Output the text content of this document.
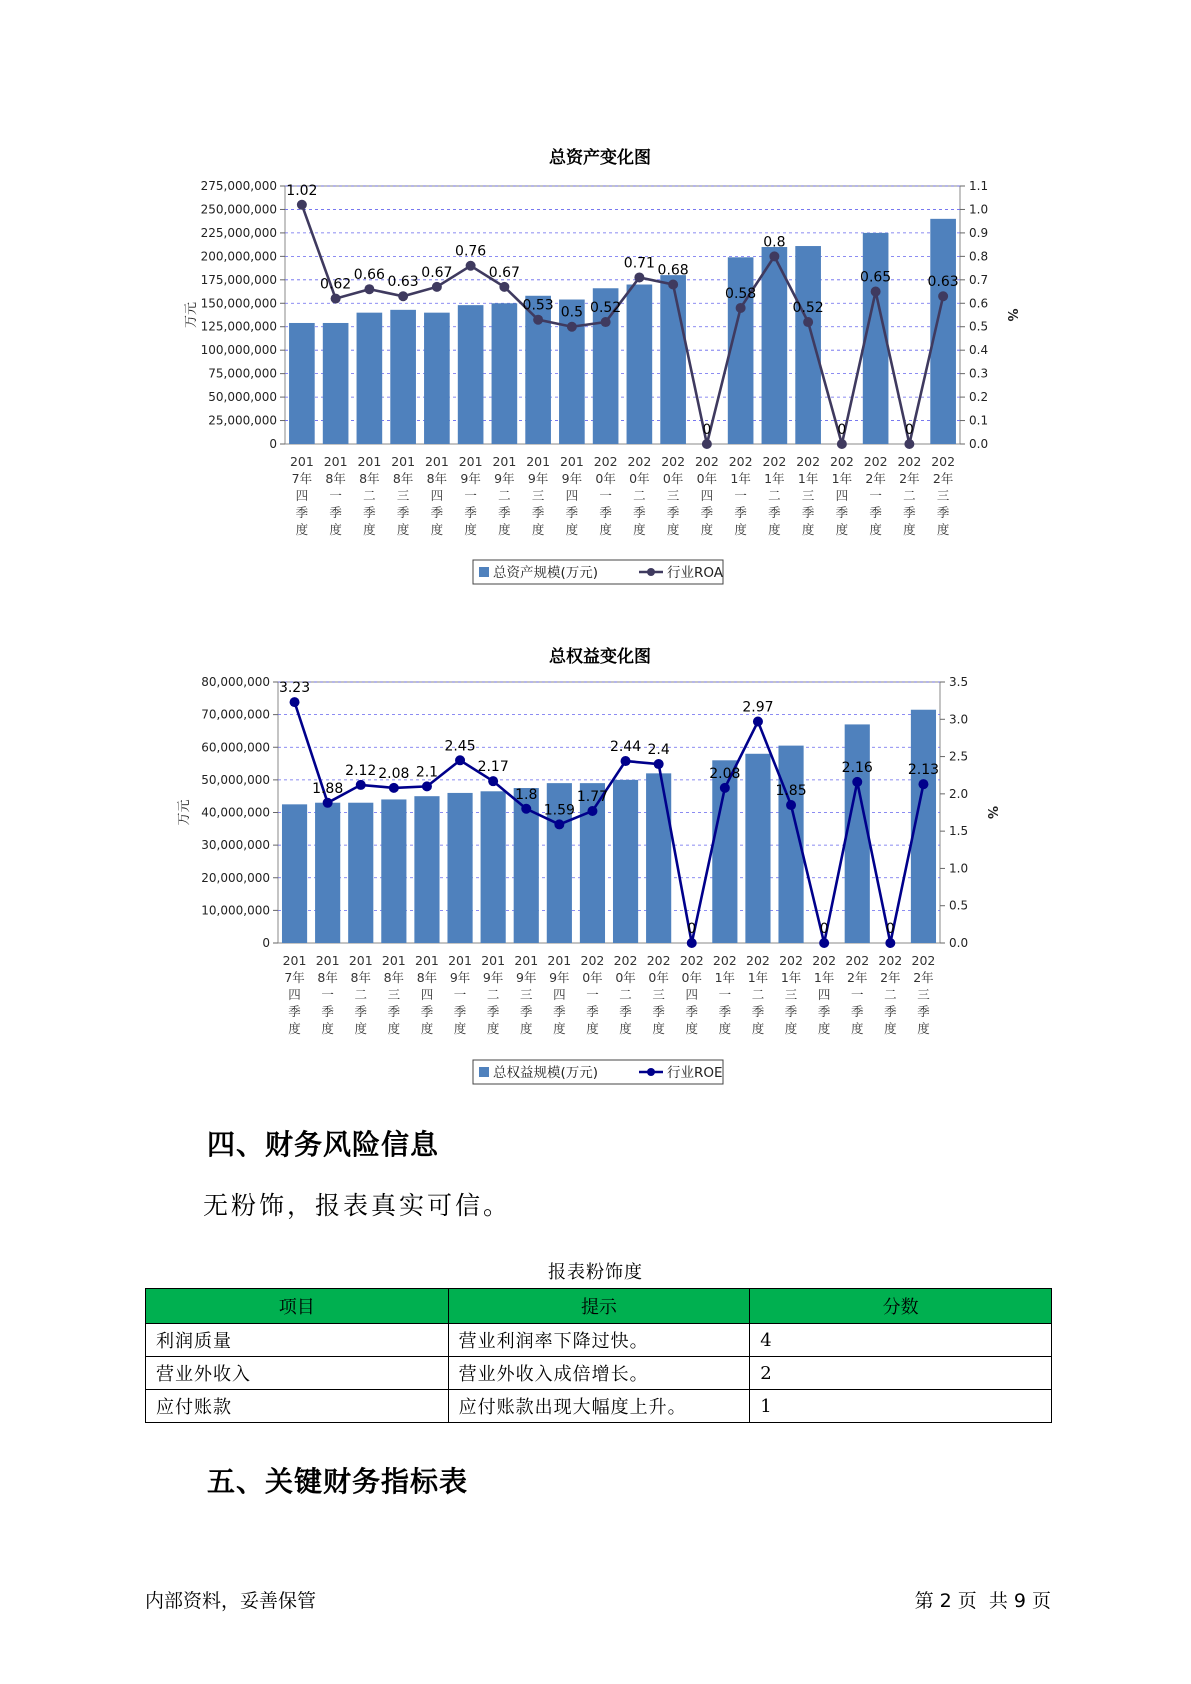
总资产变化图
0
25,000,000
50,000,000
75,000,000
100,000,000
125,000,000
150,000,000
175,000,000
200,000,000
225,000,000
250,000,000
275,000,000
0.0
0.1
0.2
0.3
0.4
0.5
0.6
0.7
0.8
0.9
1.0
1.1
万元	%
1.02
0.62
0.66 0.63
0.67
0.76
0.67
0.53 0.5 0.52
0.71 0.68
0
0.58
0.8
0.52
0
0.65
0
0.63
201 7年四季度
201 8年一季度
201 8年二季度
201 8年三季度
201 8年四季度
201 9年一季度
201 9年二季度
201 9年三季度
201 9年四季度
202 0年一季度
202 0年二季度
202 0年三季度
202 0年四季度
202 1年一季度
202 1年二季度
202 1年三季度
202 1年四季度
202 2年一季度
202 2年二季度
202 2年三季度
总资产规模(万元)	行业ROA
总权益变化图
0
10,000,000
20,000,000
30,000,000
40,000,000
50,000,000
60,000,000
70,000,000
80,000,000
0.0
0.5
1.0
1.5
2.0
2.5
3.0
3.5
万元	%
3.23
1.88
2.12 2.08 2.1
2.45
2.17
1.8
1.59
1.77
2.44 2.4
0
2.08
2.97
1.85
0
2.16
0
2.13
201 7年四季度
201 8年一季度
201 8年二季度
201 8年三季度
201 8年四季度
201 9年一季度
201 9年二季度
201 9年三季度
201 9年四季度
202 0年一季度
202 0年二季度
202 0年三季度
202 0年四季度
202 1年一季度
202 1年二季度
202 1年三季度
202 1年四季度
202 2年一季度
202 2年二季度
202 2年三季度
总权益规模(万元)	行业ROE
四、财务风险信息
无粉饰，报表真实可信。
报表粉饰度
项目	提示	分数
利润质量	营业利润率下降过快。	4
营业外收入	营业外收入成倍增长。	2
应付账款	应付账款出现大幅度上升。	1
五、关键财务指标表
内部资料，妥善保管	第 2 页  共 9 页
